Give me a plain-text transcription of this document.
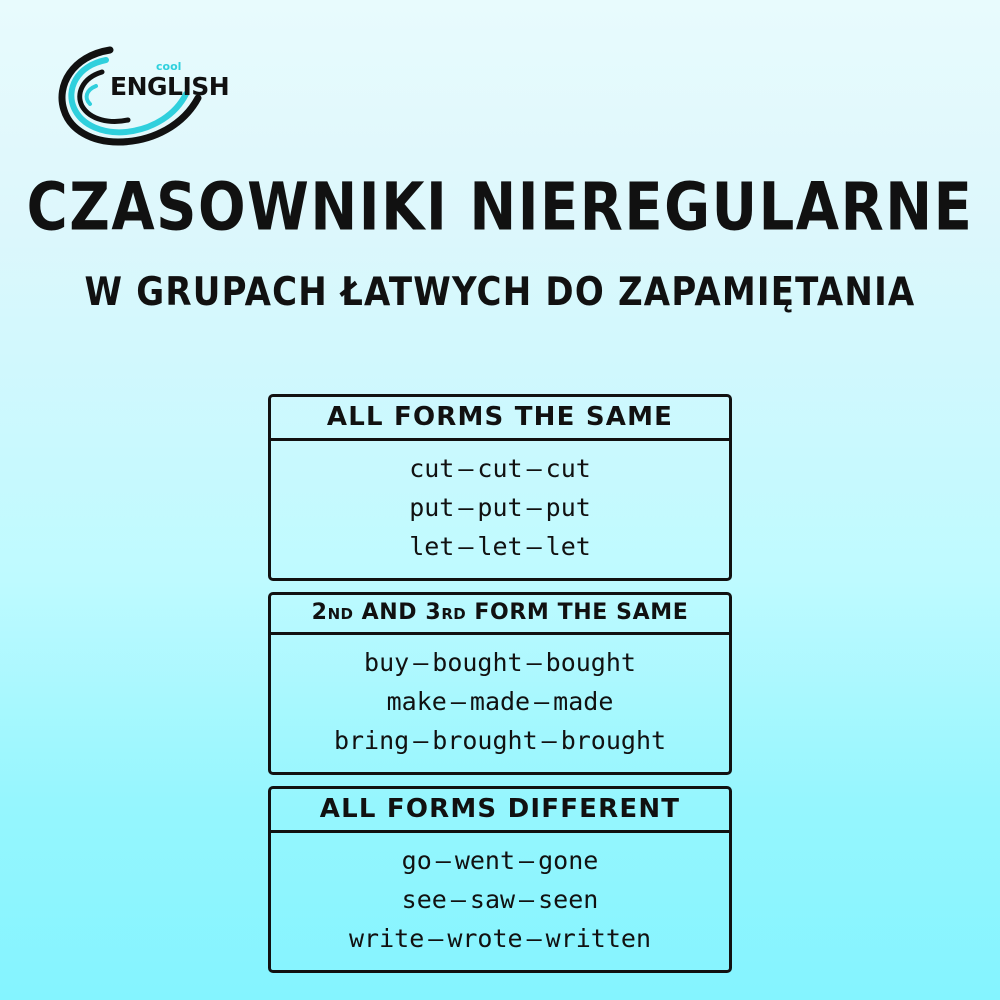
cool
ENGLISH
CZASOWNIKI NIEREGULARNE
W GRUPACH ŁATWYCH DO ZAPAMIĘTANIA
ALL FORMS THE SAME
cut – cut – cut
put – put – put
let – let – let
2ND AND 3RD FORM THE SAME
buy – bought – bought
make – made – made
bring – brought – brought
ALL FORMS DIFFERENT
go – went – gone
see – saw – seen
write – wrote – written
